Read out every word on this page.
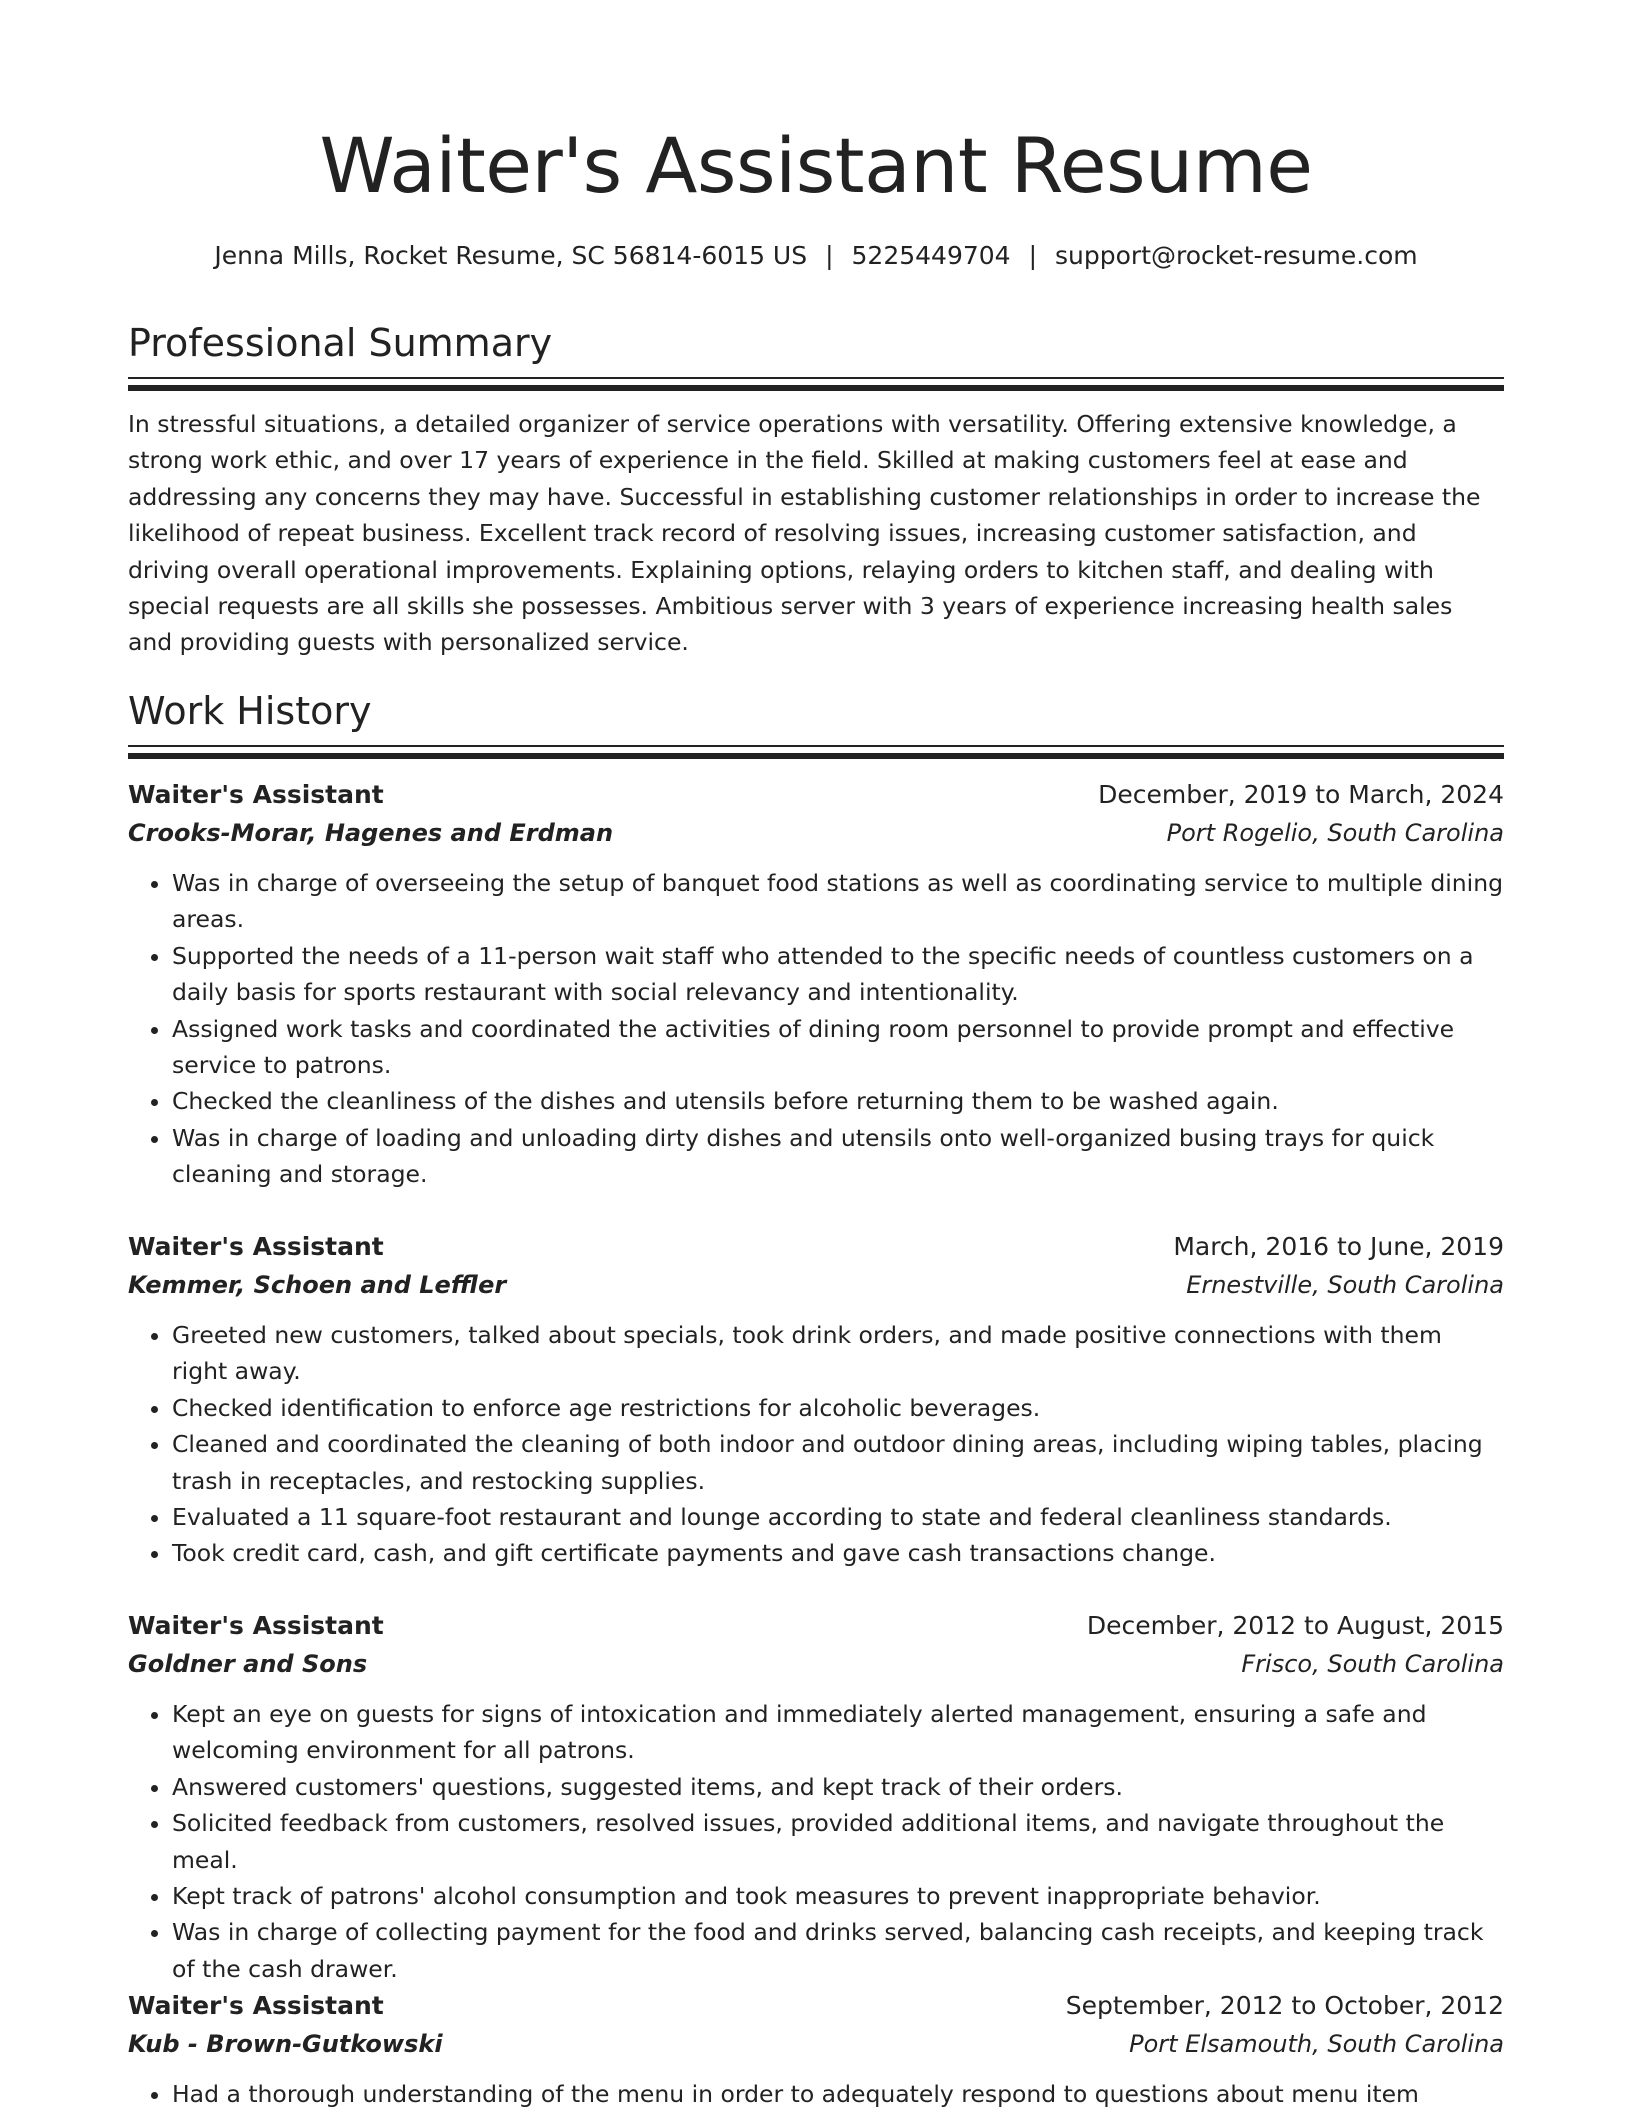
Waiter's Assistant Resume
Jenna Mills, Rocket Resume, SC 56814-6015 US | 5225449704 | support@rocket-resume.com
Professional Summary

In stressful situations, a detailed organizer of service operations with versatility. Offering extensive knowledge, a strong work ethic, and over 17 years of experience in the field. Skilled at making customers feel at ease and addressing any concerns they may have. Successful in establishing customer relationships in order to increase the likelihood of repeat business. Excellent track record of resolving issues, increasing customer satisfaction, and driving overall operational improvements. Explaining options, relaying orders to kitchen staff, and dealing with special requests are all skills she possesses. Ambitious server with 3 years of experience increasing health sales and providing guests with personalized service.

Work History
Waiter's Assistant	December, 2019 to March, 2024
Crooks-Morar, Hagenes and Erdman	Port Rogelio, South Carolina
• Was in charge of overseeing the setup of banquet food stations as well as coordinating service to multiple dining areas.
• Supported the needs of a 11-person wait staff who attended to the specific needs of countless customers on a daily basis for sports restaurant with social relevancy and intentionality.
• Assigned work tasks and coordinated the activities of dining room personnel to provide prompt and effective service to patrons.
• Checked the cleanliness of the dishes and utensils before returning them to be washed again.
• Was in charge of loading and unloading dirty dishes and utensils onto well-organized busing trays for quick cleaning and storage.
Waiter's Assistant	March, 2016 to June, 2019
Kemmer, Schoen and Leffler	Ernestville, South Carolina
• Greeted new customers, talked about specials, took drink orders, and made positive connections with them right away.
• Checked identification to enforce age restrictions for alcoholic beverages.
• Cleaned and coordinated the cleaning of both indoor and outdoor dining areas, including wiping tables, placing trash in receptacles, and restocking supplies.
• Evaluated a 11 square-foot restaurant and lounge according to state and federal cleanliness standards.
• Took credit card, cash, and gift certificate payments and gave cash transactions change.
Waiter's Assistant	December, 2012 to August, 2015
Goldner and Sons	Frisco, South Carolina
• Kept an eye on guests for signs of intoxication and immediately alerted management, ensuring a safe and welcoming environment for all patrons.
• Answered customers' questions, suggested items, and kept track of their orders.
• Solicited feedback from customers, resolved issues, provided additional items, and navigate throughout the meal.
• Kept track of patrons' alcohol consumption and took measures to prevent inappropriate behavior.
• Was in charge of collecting payment for the food and drinks served, balancing cash receipts, and keeping track of the cash drawer.
Waiter's Assistant	September, 2012 to October, 2012
Kub - Brown-Gutkowski	Port Elsamouth, South Carolina
• Had a thorough understanding of the menu in order to adequately respond to questions about menu item
